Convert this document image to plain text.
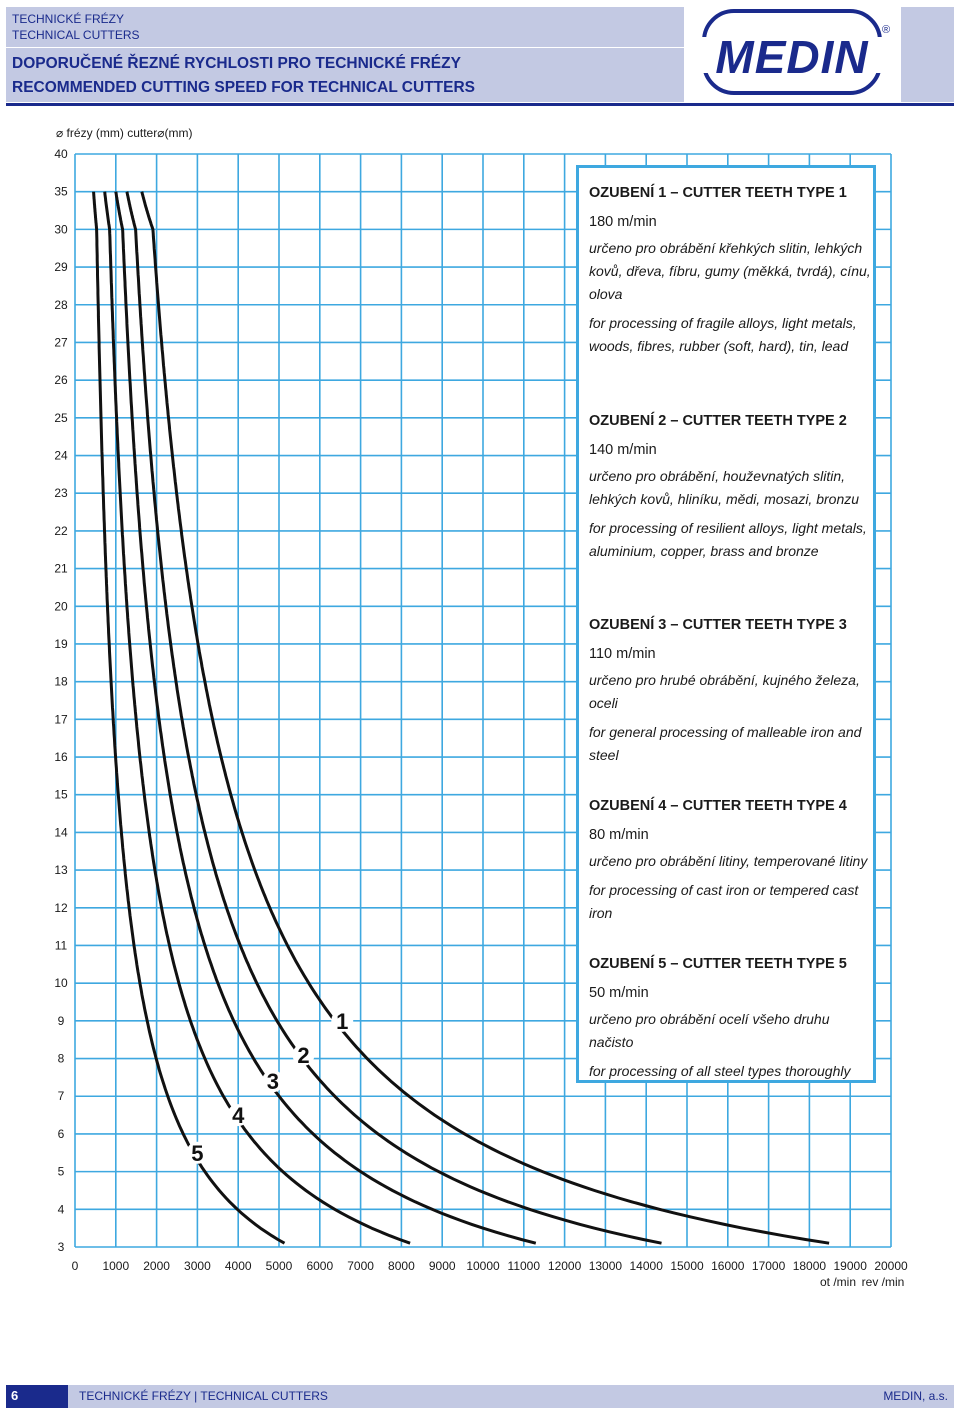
TECHNICKÉ FRÉZY
TECHNICAL CUTTERS
DOPORUČENÉ ŘEZNÉ RYCHLOSTI PRO TECHNICKÉ FRÉZY
RECOMMENDED CUTTING SPEED FOR TECHNICAL CUTTERS
MEDIN
®
3
4
5
6
7
8
9
10
11
12
13
14
15
16
17
18
19
20
21
22
23
24
25
26
27
28
29
30
35
40
0 1000 2000 3000 4000 5000 6000 7000 8000 9000 10000 11000 12000 13000 14000 15000 16000 17000 18000 19000 20000
1
2
3
4
5
⌀ frézy (mm) cutter⌀(mm)
ot /min rev /min
OZUBENÍ 1 – CUTTER TEETH TYPE 1
180 m/min
určeno pro obrábění křehkých slitin, lehkých kovů, dřeva, fíbru, gumy (měkká, tvrdá), cínu, olova
for processing of fragile alloys, light metals, woods, fibres, rubber (soft, hard), tin, lead
OZUBENÍ 2 – CUTTER TEETH TYPE 2
140 m/min
určeno pro obrábění, houževnatých slitin, lehkých kovů, hliníku, mědi, mosazi, bronzu
for processing of resilient alloys, light metals, aluminium, copper, brass and bronze
OZUBENÍ 3 – CUTTER TEETH TYPE 3
110 m/min
určeno pro hrubé obrábění, kujného železa, oceli
for general processing of malleable iron and steel
OZUBENÍ 4 – CUTTER TEETH TYPE 4
80 m/min
určeno pro obrábění litiny, temperované litiny
for processing of cast iron or tempered cast iron
OZUBENÍ 5 – CUTTER TEETH TYPE 5
50 m/min
určeno pro obrábění ocelí všeho druhu načisto
for processing of all steel types thoroughly
6	TECHNICKÉ FRÉZY | TECHNICAL CUTTERS	MEDIN, a.s.
